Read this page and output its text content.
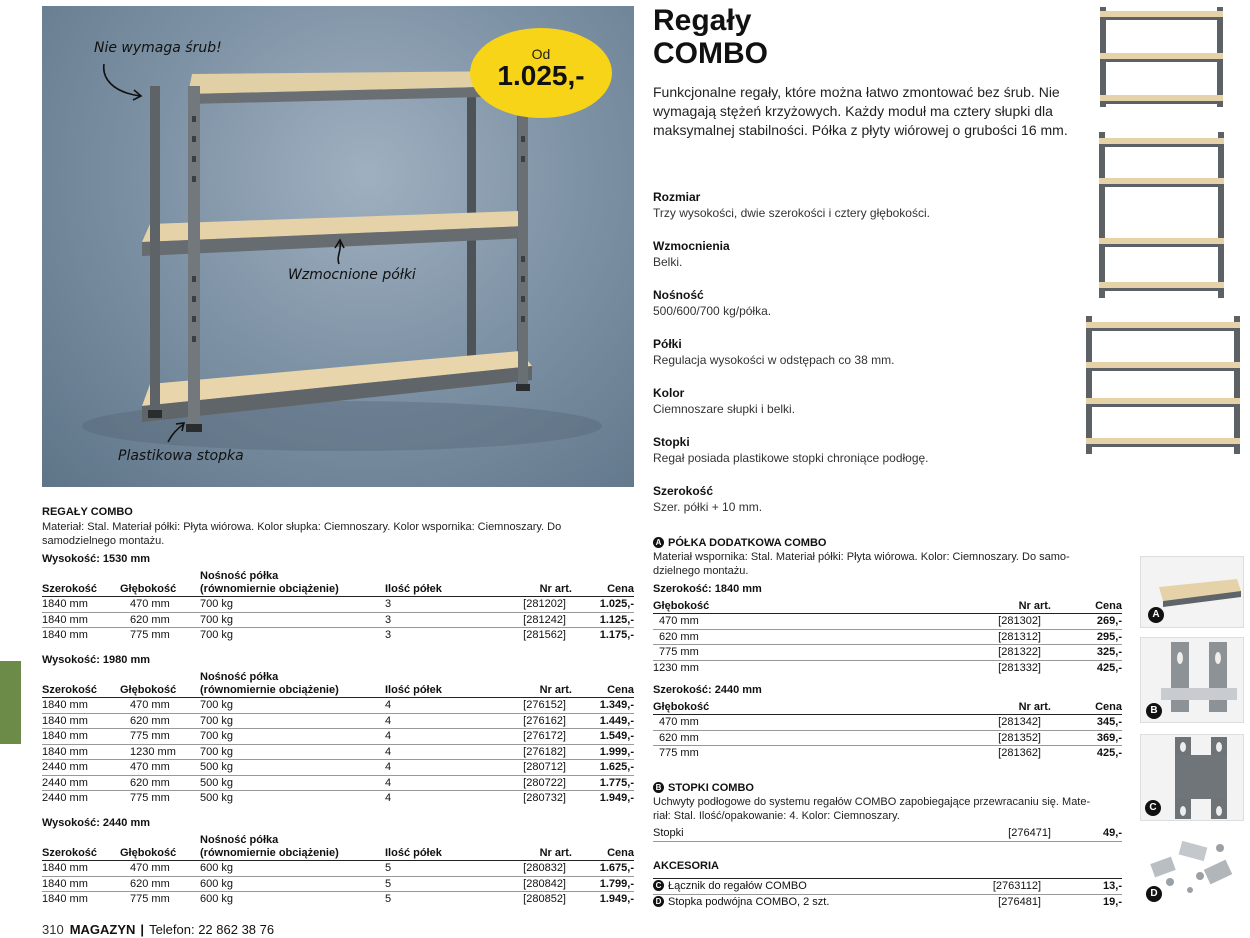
Od
1.025,-
Nie wymaga śrub!
Wzmocnione półki
Plastikowa stopka
Regały
COMBO
Funkcjonalne regały, które można łatwo zmontować bez śrub. Nie wymagają stężeń krzyżowych. Każdy moduł ma cztery słupki dla maksymalnej stabilności. Półka z płyty wiórowej o grubości 16 mm.
Rozmiar
Trzy wysokości, dwie szerokości i cztery głębokości.
Wzmocnienia
Belki.
Nośność
500/600/700 kg/półka.
Półki
Regulacja wysokości w odstępach co 38 mm.
Kolor
Ciemnoszare słupki i belki.
Stopki
Regał posiada plastikowe stopki chroniące podłogę.
Szerokość
Szer. półki + 10 mm.
A
B
C
D
REGAŁY COMBO
Materiał: Stal. Materiał półki: Płyta wiórowa. Kolor słupka: Ciemnoszary. Kolor wspornika: Ciemnoszary. Do samodzielnego montażu.
Wysokość: 1530 mm
Szerokość	Głębokość	Nośność półka
(równomiernie obciążenie)	Ilość półek	Nr art.	Cena
1840 mm	470 mm	700 kg	3	[281202]	1.025,-
1840 mm	620 mm	700 kg	3	[281242]	1.125,-
1840 mm	775 mm	700 kg	3	[281562]	1.175,-
Wysokość: 1980 mm
Szerokość	Głębokość	Nośność półka
(równomiernie obciążenie)	Ilość półek	Nr art.	Cena
1840 mm	470 mm	700 kg	4	[276152]	1.349,-
1840 mm	620 mm	700 kg	4	[276162]	1.449,-
1840 mm	775 mm	700 kg	4	[276172]	1.549,-
1840 mm	1230 mm	700 kg	4	[276182]	1.999,-
2440 mm	470 mm	500 kg	4	[280712]	1.625,-
2440 mm	620 mm	500 kg	4	[280722]	1.775,-
2440 mm	775 mm	500 kg	4	[280732]	1.949,-
Wysokość: 2440 mm
Szerokość	Głębokość	Nośność półka
(równomiernie obciążenie)	Ilość półek	Nr art.	Cena
1840 mm	470 mm	600 kg	5	[280832]	1.675,-
1840 mm	620 mm	600 kg	5	[280842]	1.799,-
1840 mm	775 mm	600 kg	5	[280852]	1.949,-
A PÓŁKA DODATKOWA COMBO
Materiał wspornika: Stal. Materiał półki: Płyta wiórowa. Kolor: Ciemnoszary. Do samo-
dzielnego montażu.
Szerokość: 1840 mm
Głębokość	Nr art.	Cena
470 mm	[281302]	269,-
620 mm	[281312]	295,-
775 mm	[281322]	325,-
1230 mm	[281332]	425,-
Szerokość: 2440 mm
Głębokość	Nr art.	Cena
470 mm	[281342]	345,-
620 mm	[281352]	369,-
775 mm	[281362]	425,-
B STOPKI COMBO
Uchwyty podłogowe do systemu regałów COMBO zapobiegające przewracaniu się. Mate-
riał: Stal. Ilość/opakowanie: 4. Kolor: Ciemnoszary.
Stopki	[276471]	49,-
AKCESORIA
C Łącznik do regałów COMBO	[2763112]	13,-
D Stopka podwójna COMBO, 2 szt.	[276481]	19,-
310 MAGAZYN | Telefon: 22 862 38 76
